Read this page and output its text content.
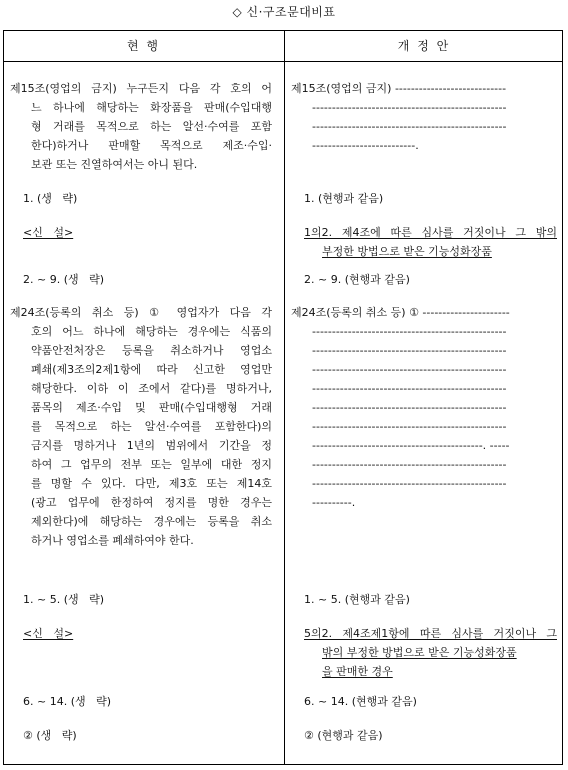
◇ 신·구조문대비표
현 행	개 정 안
제15조(영업의 금지) 누구든지 다음 각 호의 어
느 하나에 해당하는 화장품을 판매(수입대행
형 거래를 목적으로 하는 알선·수여를 포함
한다)하거나 판매할 목적으로 제조·수입·
보관 또는 진열하여서는 아니 된다.
1. (생   략)
<신   설>
2. ~ 9. (생   략)
제24조(등록의 취소 등) ① 영업자가 다음 각
호의 어느 하나에 해당하는 경우에는 식품의
약품안전처장은 등록을 취소하거나 영업소
폐쇄(제3조의2제1항에 따라 신고한 영업만
해당한다. 이하 이 조에서 같다)를 명하거나,
품목의 제조·수입 및 판매(수입대행형 거래
를 목적으로 하는 알선·수여를 포함한다)의
금지를 명하거나 1년의 범위에서 기간을 정
하여 그 업무의 전부 또는 일부에 대한 정지
를 명할 수 있다. 다만, 제3호 또는 제14호
(광고 업무에 한정하여 정지를 명한 경우는
제외한다)에 해당하는 경우에는 등록을 취소
하거나 영업소를 폐쇄하여야 한다.
1. ~ 5. (생   략)
<신   설>
6. ~ 14. (생   략)
② (생   략)
제15조(영업의 금지) ----------------------------
-------------------------------------------------
-------------------------------------------------
--------------------------.
1. (현행과 같음)
1의2. 제4조에 따른 심사를 거짓이나 그 밖의
부정한 방법으로 받은 기능성화장품
2. ~ 9. (현행과 같음)
제24조(등록의 취소 등) ① ----------------------
-------------------------------------------------
-------------------------------------------------
-------------------------------------------------
-------------------------------------------------
-------------------------------------------------
-------------------------------------------------
-------------------------------------------. -----
-------------------------------------------------
-------------------------------------------------
----------.
1. ~ 5. (현행과 같음)
5의2. 제4조제1항에 따른 심사를 거짓이나 그
밖의 부정한 방법으로 받은 기능성화장품
을 판매한 경우
6. ~ 14. (현행과 같음)
② (현행과 같음)
